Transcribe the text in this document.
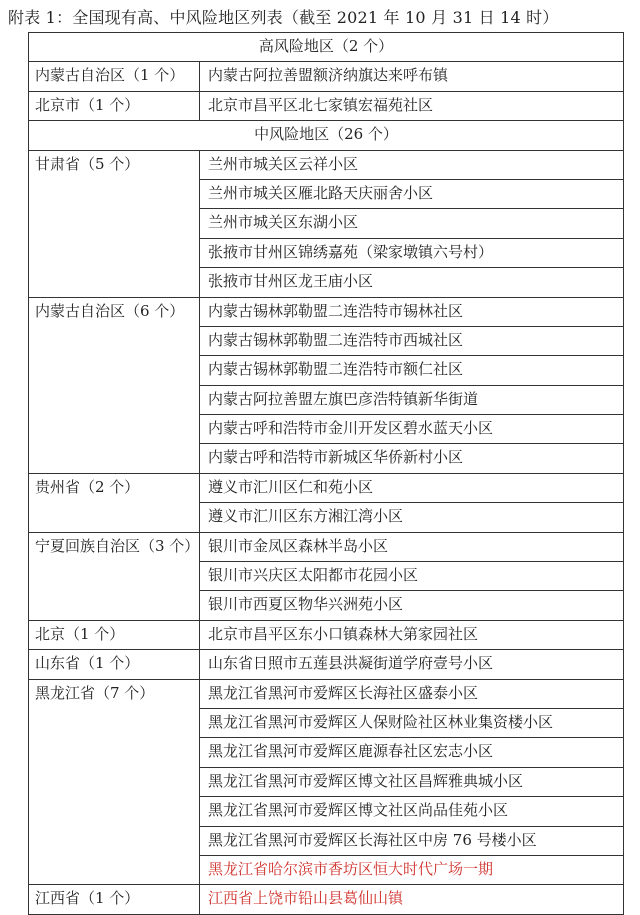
附表 1：全国现有高、中风险地区列表（截至 2021 年 10 月 31 日 14 时）
高风险地区（2 个）	
内蒙古自治区（1 个）	内蒙古阿拉善盟额济纳旗达来呼布镇
北京市（1 个）	北京市昌平区北七家镇宏福苑社区
中风险地区（26 个）	
甘肃省（5 个）	兰州市城关区云祥小区
	兰州市城关区雁北路天庆丽舍小区
	兰州市城关区东湖小区
	张掖市甘州区锦绣嘉苑（梁家墩镇六号村）
	张掖市甘州区龙王庙小区
内蒙古自治区（6 个）	内蒙古锡林郭勒盟二连浩特市锡林社区
	内蒙古锡林郭勒盟二连浩特市西城社区
	内蒙古锡林郭勒盟二连浩特市额仁社区
	内蒙古阿拉善盟左旗巴彦浩特镇新华街道
	内蒙古呼和浩特市金川开发区碧水蓝天小区
	内蒙古呼和浩特市新城区华侨新村小区
贵州省（2 个）	遵义市汇川区仁和苑小区
	遵义市汇川区东方湘江湾小区
宁夏回族自治区（3 个）	银川市金凤区森林半岛小区
	银川市兴庆区太阳都市花园小区
	银川市西夏区物华兴洲苑小区
北京（1 个）	北京市昌平区东小口镇森林大第家园社区
山东省（1 个）	山东省日照市五莲县洪凝街道学府壹号小区
黑龙江省（7 个）	黑龙江省黑河市爱辉区长海社区盛泰小区
	黑龙江省黑河市爱辉区人保财险社区林业集资楼小区
	黑龙江省黑河市爱辉区鹿源春社区宏志小区
	黑龙江省黑河市爱辉区博文社区昌辉雅典城小区
	黑龙江省黑河市爱辉区博文社区尚品佳苑小区
	黑龙江省黑河市爱辉区长海社区中房 76 号楼小区
	黑龙江省哈尔滨市香坊区恒大时代广场一期
江西省（1 个）	江西省上饶市铅山县葛仙山镇
